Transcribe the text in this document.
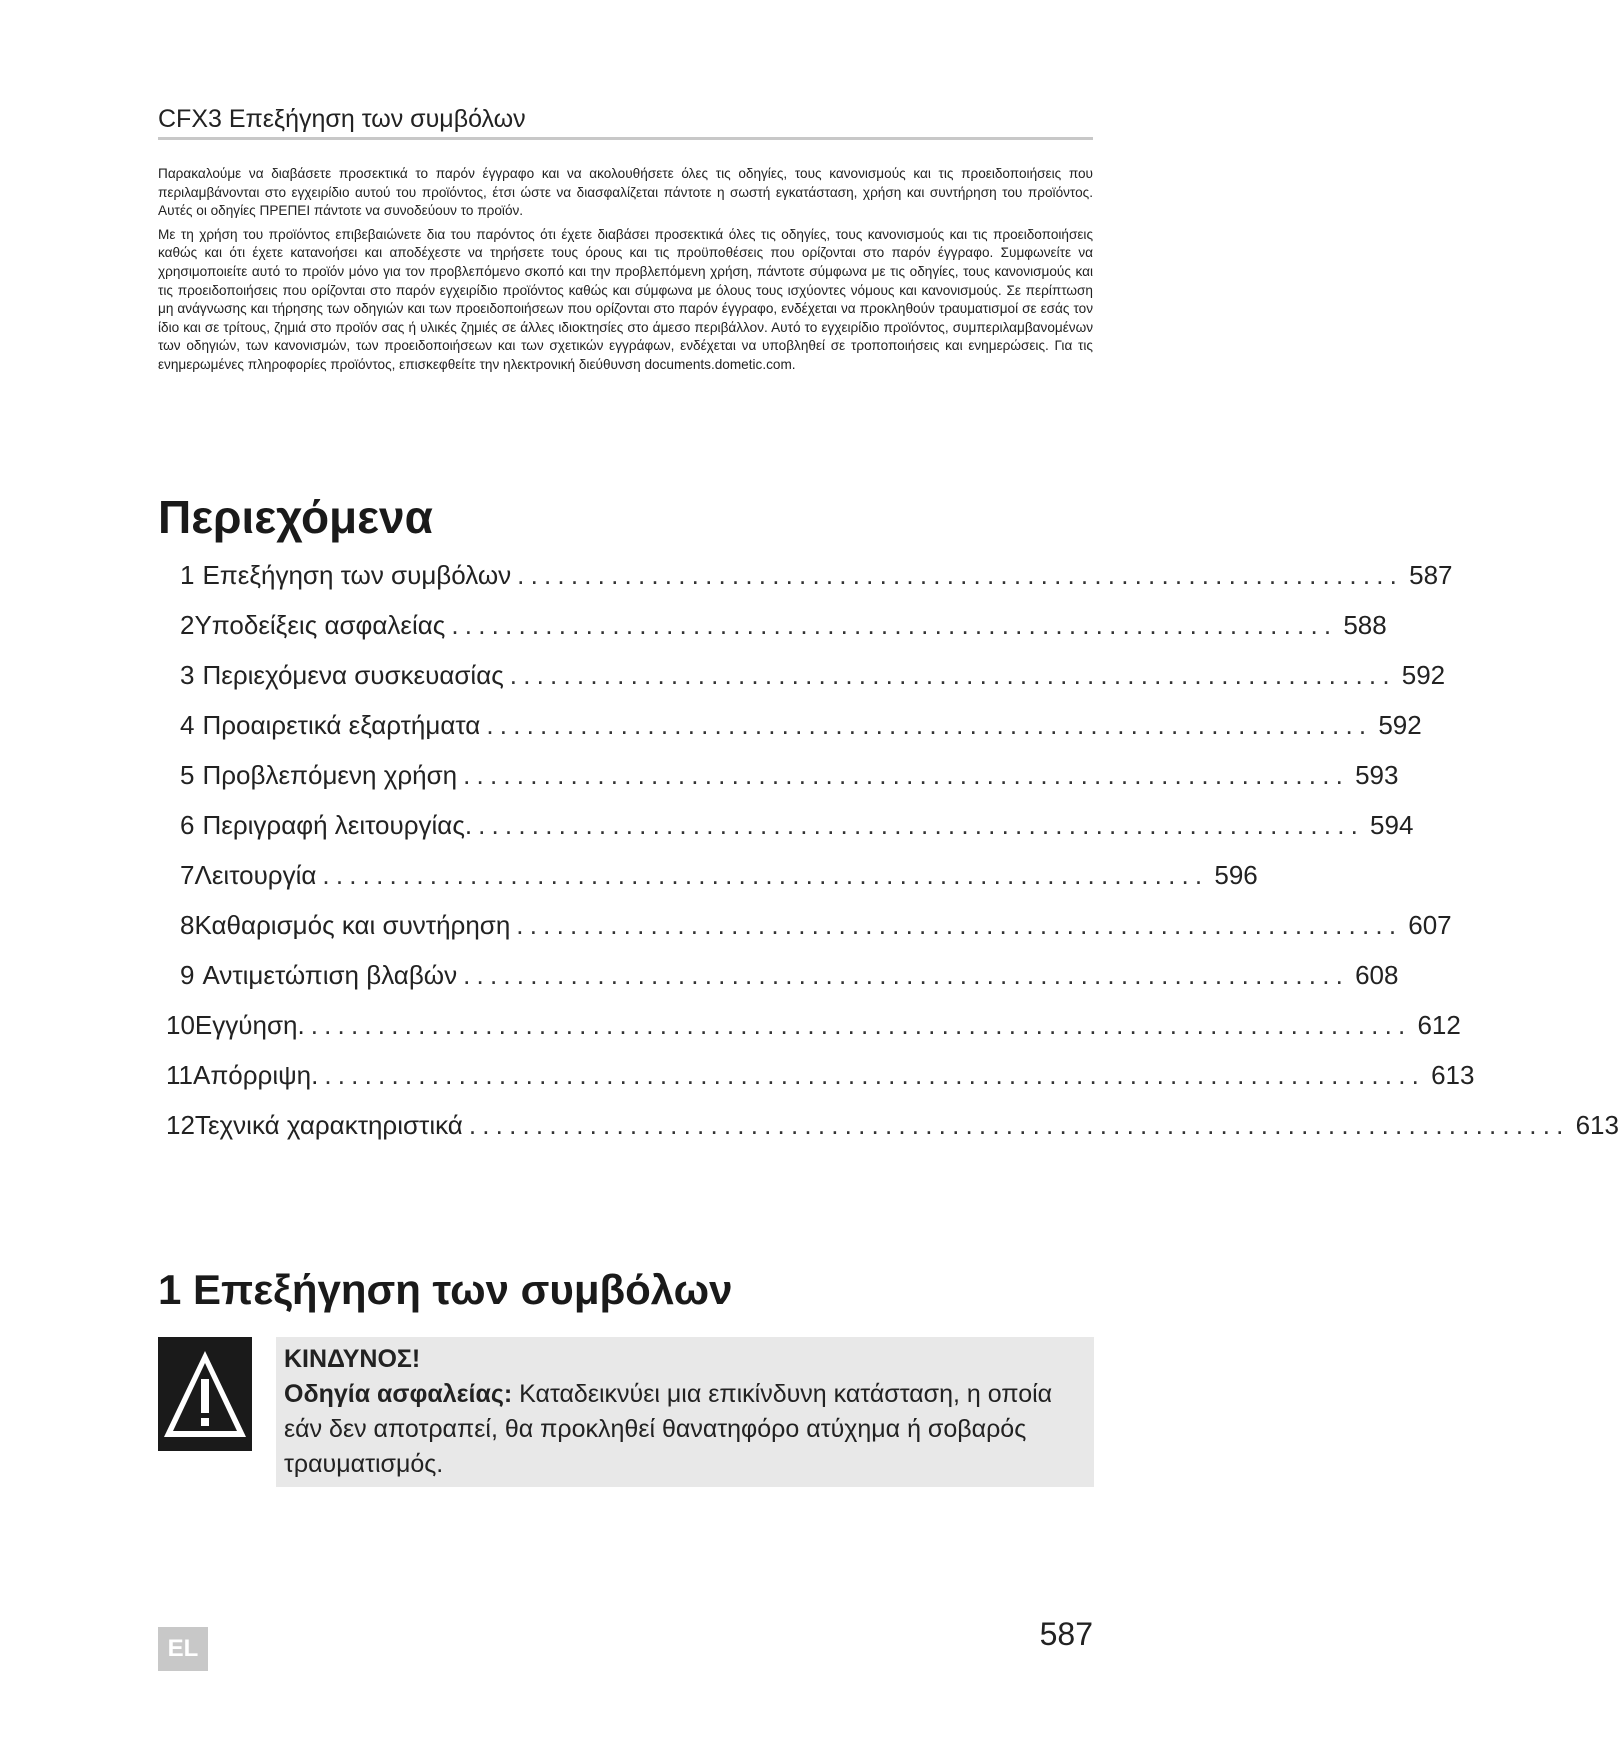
CFX3 Επεξήγηση των συμβόλων

Παρακαλούμε να διαβάσετε προσεκτικά το παρόν έγγραφο και να ακολουθήσετε όλες τις οδηγίες, τους κανονισμούς και τις προειδοποιήσεις που περιλαμβάνονται στο εγχειρίδιο αυτού του προϊόντος, έτσι ώστε να διασφαλίζεται πάντοτε η σωστή εγκατάσταση, χρήση και συντήρηση του προϊόντος. Αυτές οι οδηγίες ΠΡΕΠΕΙ πάντοτε να συνοδεύουν το προϊόν.

Με τη χρήση του προϊόντος επιβεβαιώνετε δια του παρόντος ότι έχετε διαβάσει προσεκτικά όλες τις οδηγίες, τους κανονισμούς και τις προειδοποιήσεις καθώς και ότι έχετε κατανοήσει και αποδέχεστε να τηρήσετε τους όρους και τις προϋποθέσεις που ορίζονται στο παρόν έγγραφο. Συμφωνείτε να χρησιμοποιείτε αυτό το προϊόν μόνο για τον προβλεπόμενο σκοπό και την προβλεπόμενη χρήση, πάντοτε σύμφωνα με τις οδηγίες, τους κανονισμούς και τις προειδοποιήσεις που ορίζονται στο παρόν εγχειρίδιο προϊόντος καθώς και σύμφωνα με όλους τους ισχύοντες νόμους και κανονισμούς. Σε περίπτωση μη ανάγνωσης και τήρησης των οδηγιών και των προειδοποιήσεων που ορίζονται στο παρόν έγγραφο, ενδέχεται να προκληθούν τραυματισμοί σε εσάς τον ίδιο και σε τρίτους, ζημιά στο προϊόν σας ή υλικές ζημιές σε άλλες ιδιοκτησίες στο άμεσο περιβάλλον. Αυτό το εγχειρίδιο προϊόντος, συμπεριλαμβανομένων των οδηγιών, των κανονισμών, των προειδοποιήσεων και των σχετικών εγγράφων, ενδέχεται να υποβληθεί σε τροποποιήσεις και ενημερώσεις. Για τις ενημερωμένες πληροφορίες προϊόντος, επισκεφθείτε την ηλεκτρονική διεύθυνση documents.dometic.com.

Περιεχόμενα
1 Επεξήγηση των συμβόλων .................................................................. 587
2 Υποδείξεις ασφαλείας .................................................................. 588
3 Περιεχόμενα συσκευασίας .................................................................. 592
4 Προαιρετικά εξαρτήματα .................................................................. 592
5 Προβλεπόμενη χρήση .................................................................. 593
6 Περιγραφή λειτουργίας. .................................................................. 594
7 Λειτουργία .................................................................. 596
8 Καθαρισμός και συντήρηση .................................................................. 607
9 Αντιμετώπιση βλαβών .................................................................. 608
10 Εγγύηση. .................................................................................. 612
11 Απόρριψη. .................................................................................. 613
12 Τεχνικά χαρακτηριστικά .................................................................................. 613
1 Επεξήγηση των συμβόλων
ΚΙΝΔΥΝΟΣ!
Οδηγία ασφαλείας: Καταδεικνύει μια επικίνδυνη κατάσταση, η οποία εάν δεν αποτραπεί, θα προκληθεί θανατηφόρο ατύχημα ή σοβαρός τραυματισμός.
EL	587
